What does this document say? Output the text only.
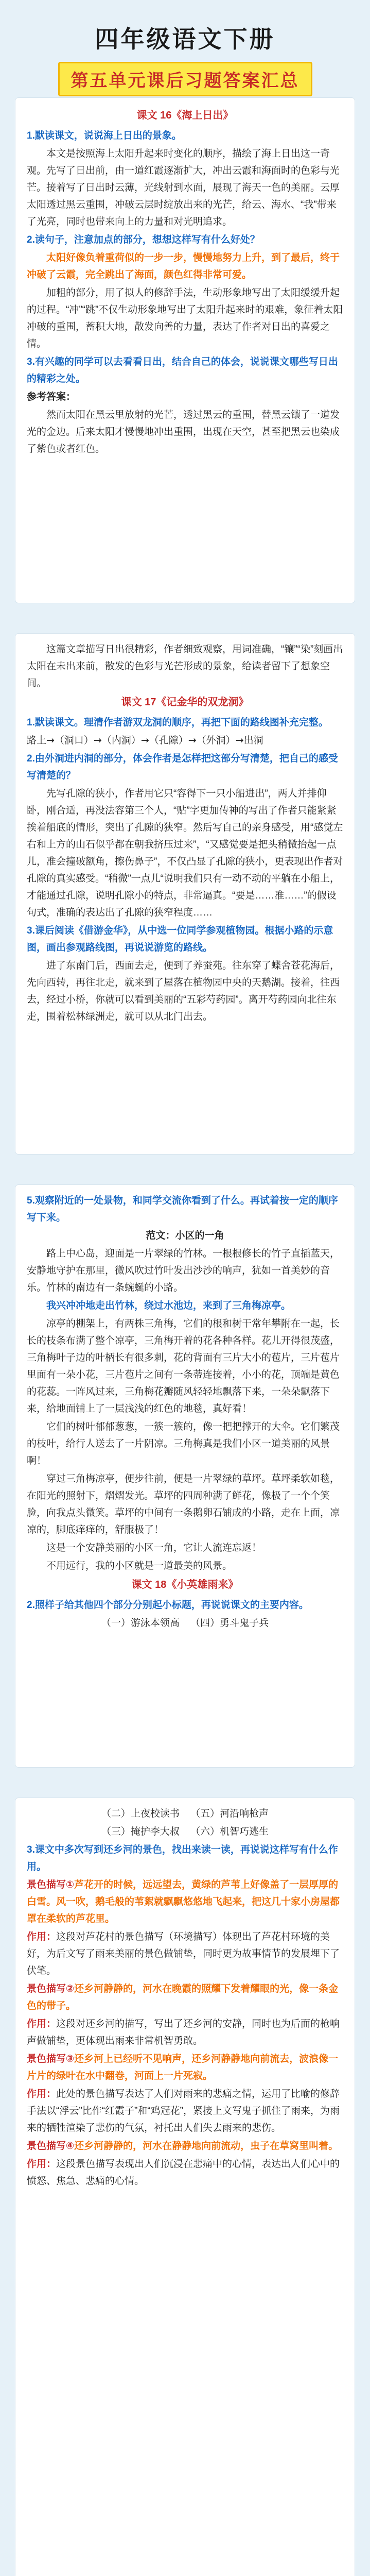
四年级语文下册
第五单元课后习题答案汇总
课文 16《海上日出》

1.默读课文，说说海上日出的景象。

本文是按照海上太阳升起来时变化的顺序，描绘了海上日出这一奇观。先写了日出前，由一道红霞逐渐扩大，冲出云霞和海面时的色彩与光芒。接着写了日出时云薄，光线射到水面，展现了海天一色的美丽。云厚太阳透过黑云重围，冲破云层时绽放出来的光芒，给云、海水、“我”带来了光亮，同时也带来向上的力量和对光明追求。

2.读句子，注意加点的部分，想想这样写有什么好处？

太阳好像负着重荷似的一步一步，慢慢地努力上升，到了最后，终于冲破了云霞，完全跳出了海面，颜色红得非常可爱。

加粗的部分，用了拟人的修辞手法，生动形象地写出了太阳缓缓升起的过程。“冲”“跳”不仅生动形象地写出了太阳升起来时的艰难，象征着太阳冲破的重围，蓄积大地，散发向善的力量，表达了作者对日出的喜爱之情。

3.有兴趣的同学可以去看看日出，结合自己的体会，说说课文哪些写日出的精彩之处。

参考答案：

然而太阳在黑云里放射的光芒，透过黑云的重围，替黑云镶了一道发光的金边。后来太阳才慢慢地冲出重围，出现在天空，甚至把黑云也染成了紫色或者红色。

这篇文章描写日出很精彩，作者细致观察，用词准确，“镶”“染”刻画出太阳在未出来前，散发的色彩与光芒形成的景象，给读者留下了想象空间。

课文 17《记金华的双龙洞》

1.默读课文。理清作者游双龙洞的顺序，再把下面的路线图补充完整。

路上→（洞口）→（内洞）→（孔隙）→（外洞）→出洞

2.由外洞进内洞的部分，体会作者是怎样把这部分写清楚，把自己的感受写清楚的？

先写孔隙的狭小，作者用它只“容得下一只小船进出”，两人并排仰卧，刚合适，再没法容第三个人，“贴”字更加传神的写出了作者只能紧紧挨着船底的情形，突出了孔隙的狭窄。然后写自己的亲身感受，用“感觉左右和上方的山石似乎都在朝我挤压过来”，“又感觉要是把头稍微抬起一点儿，准会撞破额角，擦伤鼻子”，不仅凸显了孔隙的狭小，更表现出作者对孔隙的真实感受。“稍微”一点儿“说明我们只有一动不动的平躺在小船上，才能通过孔隙，说明孔隙小的特点，非常逼真。“要是……准……”的假设句式，准确的表达出了孔隙的狭窄程度……

3.课后阅读《借游金华》，从中选一位同学参观植物园。根据小路的示意图，画出参观路线图，再说说游览的路线。

进了东南门后，西面去走，便到了养蚕苑。往东穿了蝶舍苍花海后，先向西转，再往北走，就来到了屋落在植物园中央的天鹅湖。接着，往西去，经过小桥，你就可以看到美丽的“五彩芍药园”。离开芍药园向北往东走，围着松林绿洲走，就可以从北门出去。

5.观察附近的一处景物，和同学交流你看到了什么。再试着按一定的顺序写下来。

范文：小区的一角

路上中心岛，迎面是一片翠绿的竹林。一根根修长的竹子直插蓝天，安静地守护在那里，微风吹过竹叶发出沙沙的响声，犹如一首美妙的音乐。竹林的南边有一条蜿蜒的小路。

我兴冲冲地走出竹林，绕过水池边，来到了三角梅凉亭。

凉亭的棚架上，有两株三角梅，它们的根和树干常年攀附在一起，长长的枝条布满了整个凉亭，三角梅开着的花各种各样。花儿开得很茂盛，三角梅叶子边的叶柄长有很多刺，花的背面有三片大小的苞片，三片苞片里面有一朵小花，三片苞片之间有一条蒂连接着，小小的花，顶端是黄色的花蕊。一阵风过来，三角梅花瓣随风轻轻地飘落下来，一朵朵飘落下来，给地面铺上了一层浅浅的红色的地毯，真好看！

它们的树叶郁郁葱葱，一簇一簇的，像一把把撑开的大伞。它们繁茂的枝叶，给行人送去了一片阴凉。三角梅真是我们小区一道美丽的风景啊！

穿过三角梅凉亭，便步往前，便是一片翠绿的草坪。草坪柔软如毯，在阳光的照射下，熠熠发光。草坪的四周种满了鲜花，像极了一个个笑脸，向我点头微笑。草坪的中间有一条鹅卵石铺成的小路，走在上面，凉凉的，脚底痒痒的，舒服极了！

这是一个安静美丽的小区一角，它让人流连忘返！

不用远行，我的小区就是一道最美的风景。

课文 18《小英雄雨来》

2.照样子给其他四个部分分别起小标题，再说说课文的主要内容。

（一）游泳本领高 （四）勇斗鬼子兵

（二）上夜校读书 （五）河沿响枪声

（三）掩护李大叔 （六）机智巧逃生

3.课文中多次写到还乡河的景色，找出来读一读，再说说这样写有什么作用。

景色描写①芦花开的时候，远远望去，黄绿的芦苇上好像盖了一层厚厚的白雪。风一吹，鹅毛般的苇絮就飘飘悠悠地飞起来，把这几十家小房屋都罩在柔软的芦花里。

作用：这段对芦花村的景色描写（环境描写）体现出了芦花村环境的美好，为后文写了雨来美丽的景色做铺垫，同时更为故事情节的发展埋下了伏笔。

景色描写②还乡河静静的，河水在晚霞的照耀下发着耀眼的光，像一条金色的带子。

作用：这段对还乡河的描写，写出了还乡河的安静，同时也为后面的枪响声做铺垫，更体现出雨来非常机智勇敢。

景色描写③还乡河上已经听不见响声，还乡河静静地向前流去，波浪像一片片的绿叶在水中翻卷，河面上一片死寂。

作用：此处的景色描写表达了人们对雨来的悲痛之情，运用了比喻的修辞手法以“浮云”比作“红霞子”和“鸡冠花”，紧接上文写鬼子抓住了雨来，为雨来的牺牲渲染了悲伤的气氛，衬托出人们失去雨来的悲伤。

景色描写④还乡河静静的，河水在静静地向前流动，虫子在草窝里叫着。

作用：这段景色描写表现出人们沉浸在悲痛中的心情，表达出人们心中的愤怒、焦急、悲痛的心情。
